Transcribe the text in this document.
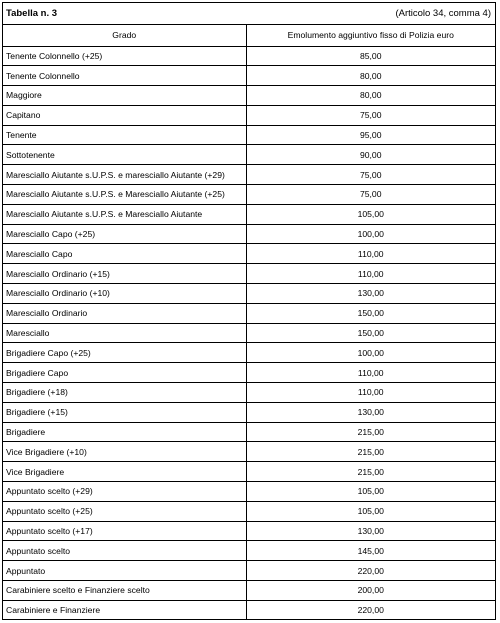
Tabella n. 3	(Articolo 34, comma 4)
Grado	Emolumento aggiuntivo fisso di Polizia euro
Tenente Colonnello (+25)	85,00
Tenente Colonnello	80,00
Maggiore	80,00
Capitano	75,00
Tenente	95,00
Sottotenente	90,00
Maresciallo Aiutante s.U.P.S. e maresciallo Aiutante (+29)	75,00
Maresciallo Aiutante s.U.P.S. e Maresciallo Aiutante (+25)	75,00
Maresciallo Aiutante s.U.P.S. e Maresciallo Aiutante	105,00
Maresciallo Capo (+25)	100,00
Maresciallo Capo	110,00
Maresciallo Ordinario (+15)	110,00
Maresciallo Ordinario (+10)	130,00
Maresciallo Ordinario	150,00
Maresciallo	150,00
Brigadiere Capo (+25)	100,00
Brigadiere Capo	110,00
Brigadiere (+18)	110,00
Brigadiere (+15)	130,00
Brigadiere	215,00
Vice Brigadiere (+10)	215,00
Vice Brigadiere	215,00
Appuntato scelto (+29)	105,00
Appuntato scelto (+25)	105,00
Appuntato scelto (+17)	130,00
Appuntato scelto	145,00
Appuntato	220,00
Carabiniere scelto e Finanziere scelto	200,00
Carabiniere e Finanziere	220,00
